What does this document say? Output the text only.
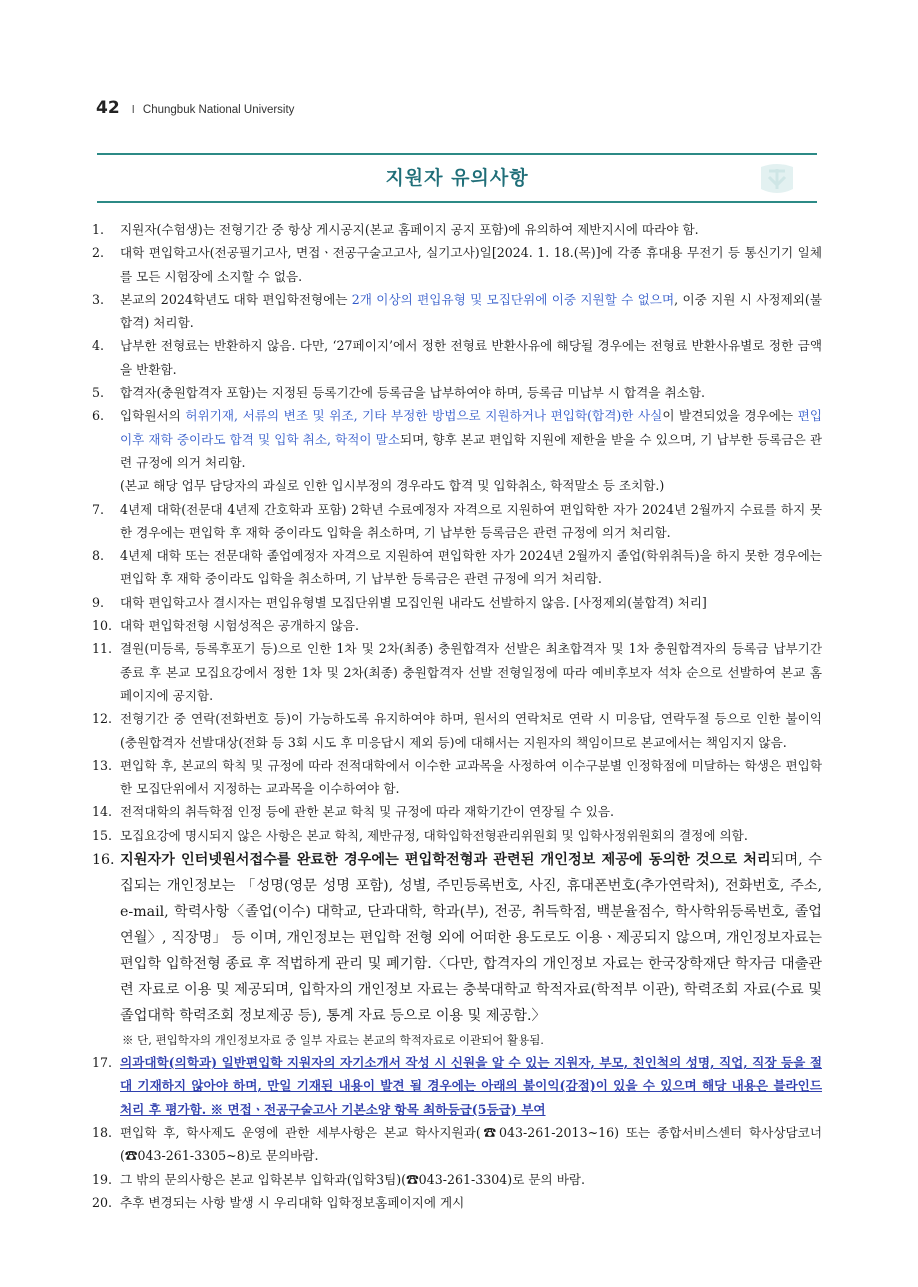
42 I Chungbuk National University
지원자 유의사항
1.	지원자(수험생)는 전형기간 중 항상 게시공지(본교 홈페이지 공지 포함)에 유의하여 제반지시에 따라야 함.
2.	대학 편입학고사(전공필기고사, 면접ㆍ전공구술고고사, 실기고사)일[2024. 1. 18.(목)]에 각종 휴대용 무전기 등 통신기기 일체를 모든 시험장에 소지할 수 없음.
3.	본교의 2024학년도 대학 편입학전형에는 2개 이상의 편입유형 및 모집단위에 이중 지원할 수 없으며, 이중 지원 시 사정제외(불합격) 처리함.
4.	납부한 전형료는 반환하지 않음. 다만, ‘27페이지’에서 정한 전형료 반환사유에 해당될 경우에는 전형료 반환사유별로 정한 금액을 반환함.
5.	합격자(충원합격자 포함)는 지정된 등록기간에 등록금을 납부하여야 하며, 등록금 미납부 시 합격을 취소함.
6.	입학원서의 허위기재, 서류의 변조 및 위조, 기타 부정한 방법으로 지원하거나 편입학(합격)한 사실이 발견되었을 경우에는 편입 이후 재학 중이라도 합격 및 입학 취소, 학적이 말소되며, 향후 본교 편입학 지원에 제한을 받을 수 있으며, 기 납부한 등록금은 관련 규정에 의거 처리함.
(본교 해당 업무 담당자의 과실로 인한 입시부정의 경우라도 합격 및 입학취소, 학적말소 등 조치함.)
7.	4년제 대학(전문대 4년제 간호학과 포함) 2학년 수료예정자 자격으로 지원하여 편입학한 자가 2024년 2월까지 수료를 하지 못한 경우에는 편입학 후 재학 중이라도 입학을 취소하며, 기 납부한 등록금은 관련 규정에 의거 처리함.
8.	4년제 대학 또는 전문대학 졸업예정자 자격으로 지원하여 편입학한 자가 2024년 2월까지 졸업(학위취득)을 하지 못한 경우에는 편입학 후 재학 중이라도 입학을 취소하며, 기 납부한 등록금은 관련 규정에 의거 처리함.
9.	대학 편입학고사 결시자는 편입유형별 모집단위별 모집인원 내라도 선발하지 않음. [사정제외(불합격) 처리]
10. 대학 편입학전형 시험성적은 공개하지 않음.
11. 결원(미등록, 등록후포기 등)으로 인한 1차 및 2차(최종) 충원합격자 선발은 최초합격자 및 1차 충원합격자의 등록금 납부기간 종료 후 본교 모집요강에서 정한 1차 및 2차(최종) 충원합격자 선발 전형일정에 따라 예비후보자 석차 순으로 선발하여 본교 홈페이지에 공지함.
12. 전형기간 중 연락(전화번호 등)이 가능하도록 유지하여야 하며, 원서의 연락처로 연락 시 미응답, 연락두절 등으로 인한 불이익(충원합격자 선발대상(전화 등 3회 시도 후 미응답시 제외 등)에 대해서는 지원자의 책임이므로 본교에서는 책임지지 않음.
13. 편입학 후, 본교의 학칙 및 규정에 따라 전적대학에서 이수한 교과목을 사정하여 이수구분별 인정학점에 미달하는 학생은 편입학한 모집단위에서 지정하는 교과목을 이수하여야 함.
14. 전적대학의 취득학점 인정 등에 관한 본교 학칙 및 규정에 따라 재학기간이 연장될 수 있음.
15. 모집요강에 명시되지 않은 사항은 본교 학칙, 제반규정, 대학입학전형관리위원회 및 입학사정위원회의 결정에 의함.
16. 지원자가 인터넷원서접수를 완료한 경우에는 편입학전형과 관련된 개인정보 제공에 동의한 것으로 처리되며, 수집되는 개인정보는 「성명(영문 성명 포함), 성별, 주민등록번호, 사진, 휴대폰번호(추가연락처), 전화번호, 주소, e-mail, 학력사항〈졸업(이수) 대학교, 단과대학, 학과(부), 전공, 취득학점, 백분율점수, 학사학위등록번호, 졸업연월〉, 직장명」 등 이며, 개인정보는 편입학 전형 외에 어떠한 용도로도 이용ㆍ제공되지 않으며, 개인정보자료는 편입학 입학전형 종료 후 적법하게 관리 및 폐기함.〈다만, 합격자의 개인정보 자료는 한국장학재단 학자금 대출관련 자료로 이용 및 제공되며, 입학자의 개인정보 자료는 충북대학교 학적자료(학적부 이관), 학력조회 자료(수료 및 졸업대학 학력조회 정보제공 등), 통계 자료 등으로 이용 및 제공함.〉
※ 단, 편입학자의 개인정보자료 중 일부 자료는 본교의 학적자료로 이관되어 활용됨.
17. 의과대학(의학과) 일반편입학 지원자의 자기소개서 작성 시 신원을 알 수 있는 지원자, 부모, 친인척의 성명, 직업, 직장 등을 절대 기재하지 않아야 하며, 만일 기재된 내용이 발견 될 경우에는 아래의 불이익(감점)이 있을 수 있으며 해당 내용은 블라인드 처리 후 평가함. ※ 면접ㆍ전공구술고사 기본소양 항목 최하등급(5등급) 부여
18. 편입학 후, 학사제도 운영에 관한 세부사항은 본교 학사지원과(☎043-261-2013~16) 또는 종합서비스센터 학사상담코너(☎043-261-3305~8)로 문의바람.
19. 그 밖의 문의사항은 본교 입학본부 입학과(입학3팀)(☎043-261-3304)로 문의 바람.
20. 추후 변경되는 사항 발생 시 우리대학 입학정보홈페이지에 게시
